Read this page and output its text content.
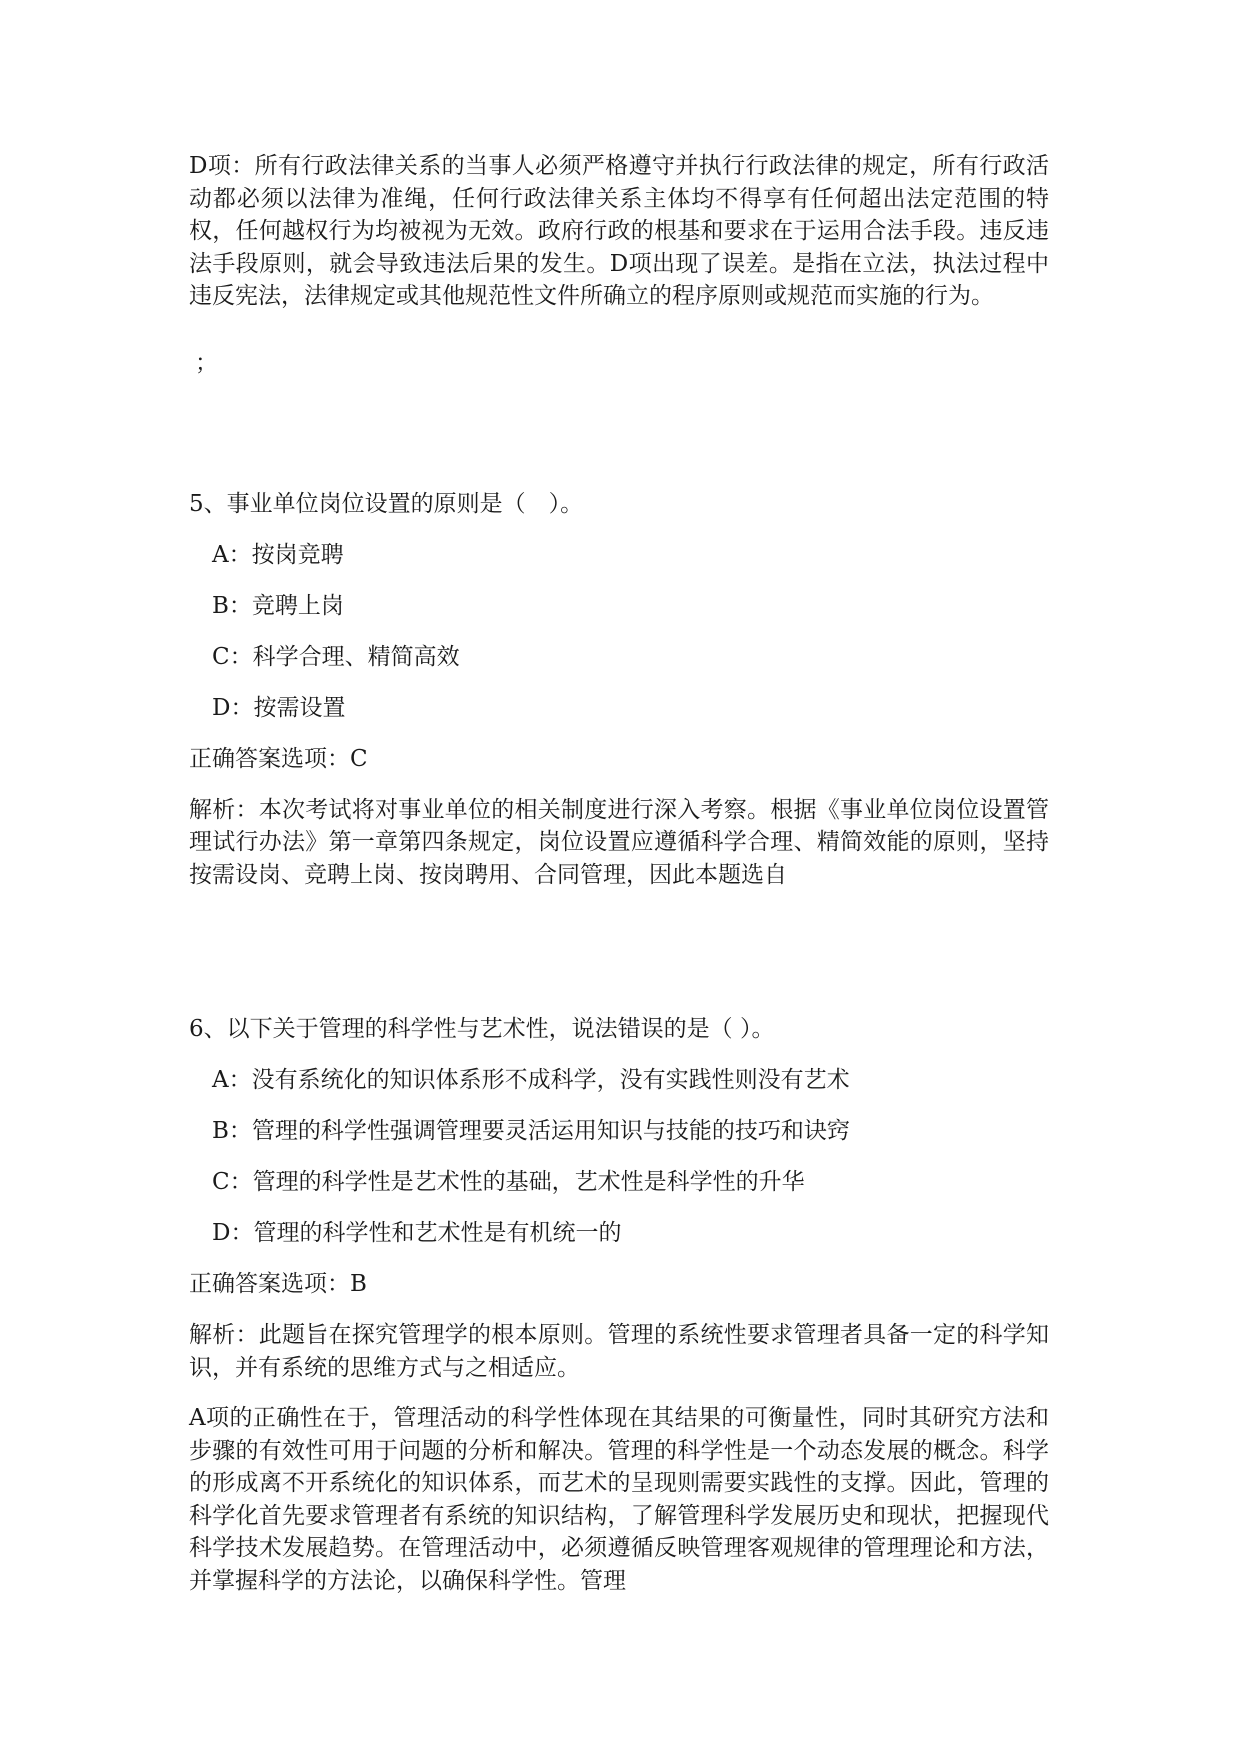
D项：所有行政法律关系的当事人必须严格遵守并执行行政法律的规定，所有行政活动都必须以法律为准绳，任何行政法律关系主体均不得享有任何超出法定范围的特权，任何越权行为均被视为无效。政府行政的根基和要求在于运用合法手段。违反违法手段原则，就会导致违法后果的发生。D项出现了误差。是指在立法，执法过程中违反宪法，法律规定或其他规范性文件所确立的程序原则或规范而实施的行为。

；

5、事业单位岗位设置的原则是（　）。

A：按岗竞聘

B：竞聘上岗

C：科学合理、精简高效

D：按需设置

正确答案选项：C

解析：本次考试将对事业单位的相关制度进行深入考察。根据《事业单位岗位设置管理试行办法》第一章第四条规定，岗位设置应遵循科学合理、精简效能的原则，坚持按需设岗、竞聘上岗、按岗聘用、合同管理，因此本题选自

6、以下关于管理的科学性与艺术性，说法错误的是（ ）。

A：没有系统化的知识体系形不成科学，没有实践性则没有艺术

B：管理的科学性强调管理要灵活运用知识与技能的技巧和诀窍

C：管理的科学性是艺术性的基础，艺术性是科学性的升华

D：管理的科学性和艺术性是有机统一的

正确答案选项：B

解析：此题旨在探究管理学的根本原则。管理的系统性要求管理者具备一定的科学知识，并有系统的思维方式与之相适应。

A项的正确性在于，管理活动的科学性体现在其结果的可衡量性，同时其研究方法和步骤的有效性可用于问题的分析和解决。管理的科学性是一个动态发展的概念。科学的形成离不开系统化的知识体系，而艺术的呈现则需要实践性的支撑。因此，管理的科学化首先要求管理者有系统的知识结构，了解管理科学发展历史和现状，把握现代科学技术发展趋势。在管理活动中，必须遵循反映管理客观规律的管理理论和方法，并掌握科学的方法论，以确保科学性。管理
